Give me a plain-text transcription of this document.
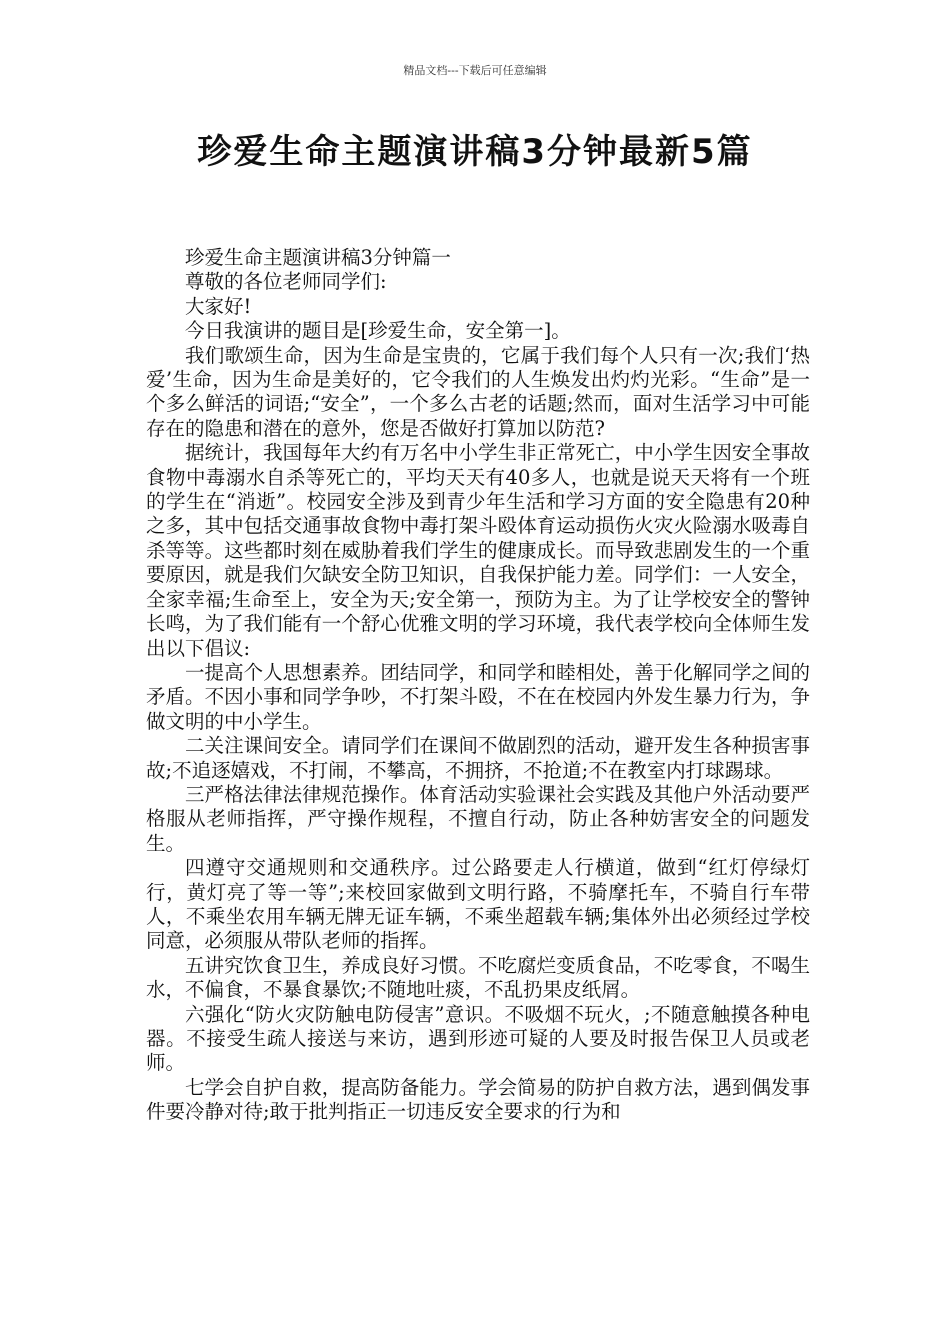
精品文档---下载后可任意编辑
珍爱生命主题演讲稿3分钟最新5篇

珍爱生命主题演讲稿3分钟篇一

尊敬的各位老师同学们:

大家好!

今日我演讲的题目是[珍爱生命，安全第一]。

我们歌颂生命，因为生命是宝贵的，它属于我们每个人只有一次;我们‘热爱’生命，因为生命是美好的，它令我们的人生焕发出灼灼光彩。“生命”是一个多么鲜活的词语;“安全”，一个多么古老的话题;然而，面对生活学习中可能存在的隐患和潜在的意外，您是否做好打算加以防范?

据统计，我国每年大约有万名中小学生非正常死亡，中小学生因安全事故食物中毒溺水自杀等死亡的，平均天天有40多人，也就是说天天将有一个班的学生在“消逝”。校园安全涉及到青少年生活和学习方面的安全隐患有20种之多，其中包括交通事故食物中毒打架斗殴体育运动损伤火灾火险溺水吸毒自杀等等。这些都时刻在威胁着我们学生的健康成长。而导致悲剧发生的一个重要原因，就是我们欠缺安全防卫知识，自我保护能力差。同学们：一人安全，全家幸福;生命至上，安全为天;安全第一，预防为主。为了让学校安全的警钟长鸣，为了我们能有一个舒心优雅文明的学习环境，我代表学校向全体师生发出以下倡议:

一提高个人思想素养。团结同学，和同学和睦相处，善于化解同学之间的矛盾。不因小事和同学争吵，不打架斗殴，不在在校园内外发生暴力行为，争做文明的中小学生。

二关注课间安全。请同学们在课间不做剧烈的活动，避开发生各种损害事故;不追逐嬉戏，不打闹，不攀高，不拥挤，不抢道;不在教室内打球踢球。

三严格法律法律规范操作。体育活动实验课社会实践及其他户外活动要严格服从老师指挥，严守操作规程，不擅自行动，防止各种妨害安全的问题发生。

四遵守交通规则和交通秩序。过公路要走人行横道，做到“红灯停绿灯行，黄灯亮了等一等”;来校回家做到文明行路，不骑摩托车，不骑自行车带人，不乘坐农用车辆无牌无证车辆，不乘坐超载车辆;集体外出必须经过学校同意，必须服从带队老师的指挥。

五讲究饮食卫生，养成良好习惯。不吃腐烂变质食品，不吃零食，不喝生水，不偏食，不暴食暴饮;不随地吐痰，不乱扔果皮纸屑。

六强化“防火灾防触电防侵害”意识。不吸烟不玩火，;不随意触摸各种电器。不接受生疏人接送与来访，遇到形迹可疑的人要及时报告保卫人员或老师。

七学会自护自救，提高防备能力。学会简易的防护自救方法，遇到偶发事件要冷静对待;敢于批判指正一切违反安全要求的行为和
